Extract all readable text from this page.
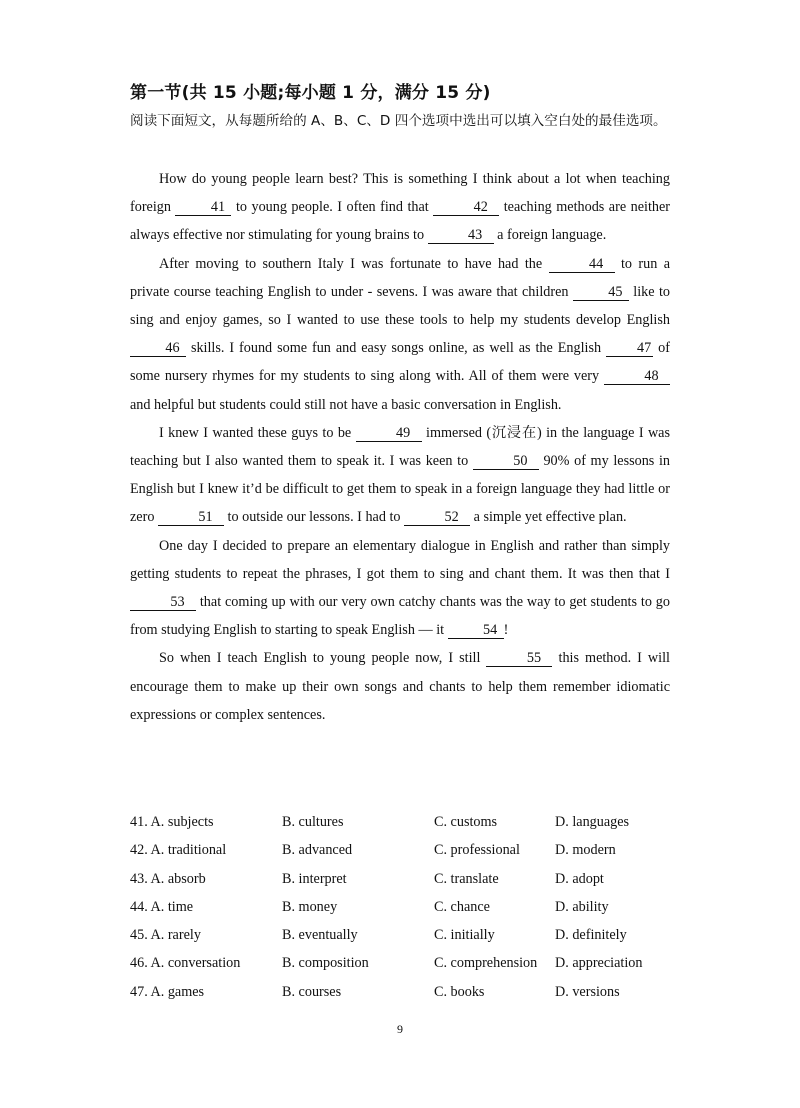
第一节(共 15 小题;每小题 1 分，满分 15 分)
阅读下面短文，从每题所给的 A、B、C、D 四个选项中选出可以填入空白处的最佳选项。

How do young people learn best? This is something I think about a lot when teaching foreign 41 to young people. I often find that	42 teaching methods are neither always effective nor stimulating for young brains to	43 a foreign language.

After moving to southern Italy I was fortunate to have had the	44 to run a private course teaching English to under - sevens. I was aware that children 45 like to sing and enjoy games, so I wanted to use these tools to help my students develop English 46 skills. I found some fun and easy songs online, as well as the English 47 of some nursery rhymes for my students to sing along with. All of them were very	48 and helpful but students could still not have a basic conversation in English.

I knew I wanted these guys to be	49 immersed (沉浸在) in the language I was teaching but I also wanted them to speak it. I was keen to	50 90% of my lessons in English but I knew it’d be difficult to get them to speak in a foreign language they had little or zero	51 to outside our lessons. I had to	52 a simple yet effective plan.

One day I decided to prepare an elementary dialogue in English and rather than simply getting students to repeat the phrases, I got them to sing and chant them. It was then that I 53 that coming up with our very own catchy chants was the way to get students to go from studying English to starting to speak English — it 54 !

So when I teach English to young people now, I still	55 this method. I will encourage them to make up their own songs and chants to help them remember idiomatic expressions or complex sentences.

41. A. subjects	B. cultures	C. customs	D. languages
42. A. traditional	B. advanced	C. professional D. modern
43. A. absorb	B. interpret	C. translate	D. adopt
44. A. time	B. money	C. chance	D. ability
45. A. rarely	B. eventually	C. initially	D. definitely
46. A. conversation	B. composition	C. comprehension D. appreciation
47. A. games	B. courses	C. books	D. versions
9
